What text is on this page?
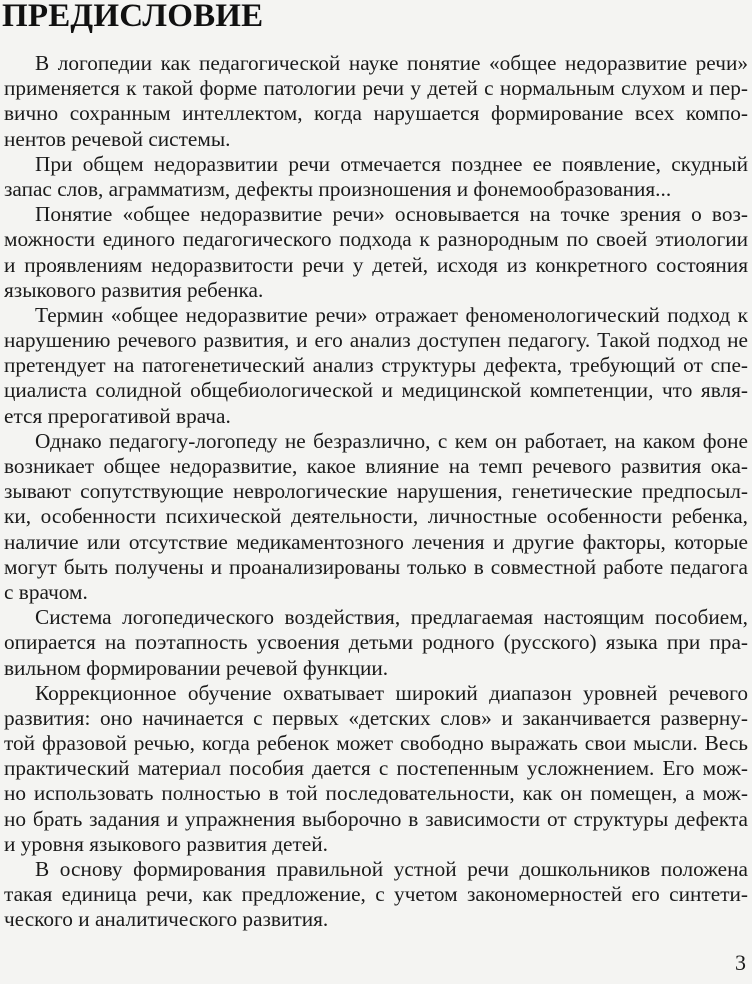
ПРЕДИСЛОВИЕ
В логопедии как педагогической науке понятие «общее недоразвитие речи»
применяется к такой форме патологии речи у детей с нормальным слухом и пер-
вично сохранным интеллектом, когда нарушается формирование всех компо-
нентов речевой системы.
При общем недоразвитии речи отмечается позднее ее появление, скудный
запас слов, аграмматизм, дефекты произношения и фонемообразования...
Понятие «общее недоразвитие речи» основывается на точке зрения о воз-
можности единого педагогического подхода к разнородным по своей этиологии
и проявлениям недоразвитости речи у детей, исходя из конкретного состояния
языкового развития ребенка.
Термин «общее недоразвитие речи» отражает феноменологический подход к
нарушению речевого развития, и его анализ доступен педагогу. Такой подход не
претендует на патогенетический анализ структуры дефекта, требующий от спе-
циалиста солидной общебиологической и медицинской компетенции, что явля-
ется прерогативой врача.
Однако педагогу-логопеду не безразлично, с кем он работает, на каком фоне
возникает общее недоразвитие, какое влияние на темп речевого развития ока-
зывают сопутствующие неврологические нарушения, генетические предпосыл-
ки, особенности психической деятельности, личностные особенности ребенка,
наличие или отсутствие медикаментозного лечения и другие факторы, которые
могут быть получены и проанализированы только в совместной работе педагога
с врачом.
Система логопедического воздействия, предлагаемая настоящим пособием,
опирается на поэтапность усвоения детьми родного (русского) языка при пра-
вильном формировании речевой функции.
Коррекционное обучение охватывает широкий диапазон уровней речевого
развития: оно начинается с первых «детских слов» и заканчивается разверну-
той фразовой речью, когда ребенок может свободно выражать свои мысли. Весь
практический материал пособия дается с постепенным усложнением. Его мож-
но использовать полностью в той последовательности, как он помещен, а мож-
но брать задания и упражнения выборочно в зависимости от структуры дефекта
и уровня языкового развития детей.
В основу формирования правильной устной речи дошкольников положена
такая единица речи, как предложение, с учетом закономерностей его синтети-
ческого и аналитического развития.
3
